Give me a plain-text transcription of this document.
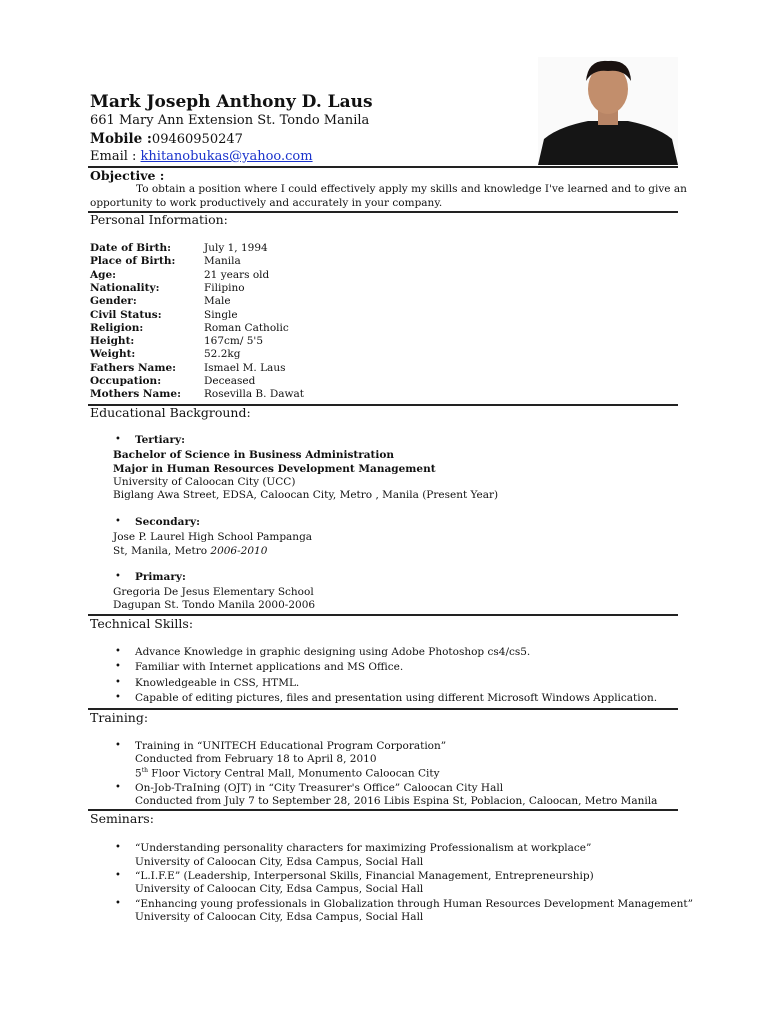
Mark Joseph Anthony D. Laus
661 Mary Ann Extension St. Tondo Manila
Mobile :09460950247
Email : khitanobukas@yahoo.com
Objective :
To obtain a position where I could effectively apply my skills and knowledge I've learned and to give an
opportunity to work productively and accurately in your company.
Personal Information:
Educational Background:
• Tertiary:
Bachelor of Science in Business Administration
Major in Human Resources Development Management
University of Caloocan City (UCC)
Biglang Awa Street, EDSA, Caloocan City, Metro , Manila (Present Year)
• Secondary:
Jose P. Laurel High School Pampanga
St, Manila, Metro 2006-2010
• Primary:
Gregoria De Jesus Elementary School
Dagupan St. Tondo Manila 2000-2006
Technical Skills:
Training:
• Training in “UNITECH Educational Program Corporation”
Conducted from February 18 to April 8, 2010
5th Floor Victory Central Mall, Monumento Caloocan City
• On-Job-TraIning (OJT) in “City Treasurer's Office” Caloocan City Hall
Conducted from July 7 to September 28, 2016 Libis Espina St, Poblacion, Caloocan, Metro Manila
Seminars:
Date of Birth:	July 1, 1994
Place of Birth:	Manila
Age:	21 years old
Nationality:	Filipino
Gender:	Male
Civil Status:	Single
Religion:	Roman Catholic
Height:	167cm/ 5'5
Weight:	52.2kg
Fathers Name:	Ismael M. Laus
Occupation:	Deceased
Mothers Name: Rosevilla B. Dawat
• Advance Knowledge in graphic designing using Adobe Photoshop cs4/cs5.
• Familiar with Internet applications and MS Office.
• Knowledgeable in CSS, HTML.
• Capable of editing pictures, files and presentation using different Microsoft Windows Application.
• “Understanding personality characters for maximizing Professionalism at workplace”
University of Caloocan City, Edsa Campus, Social Hall
• “L.I.F.E” (Leadership, Interpersonal Skills, Financial Management, Entrepreneurship)
University of Caloocan City, Edsa Campus, Social Hall
• “Enhancing young professionals in Globalization through Human Resources Development Management”
University of Caloocan City, Edsa Campus, Social Hall
